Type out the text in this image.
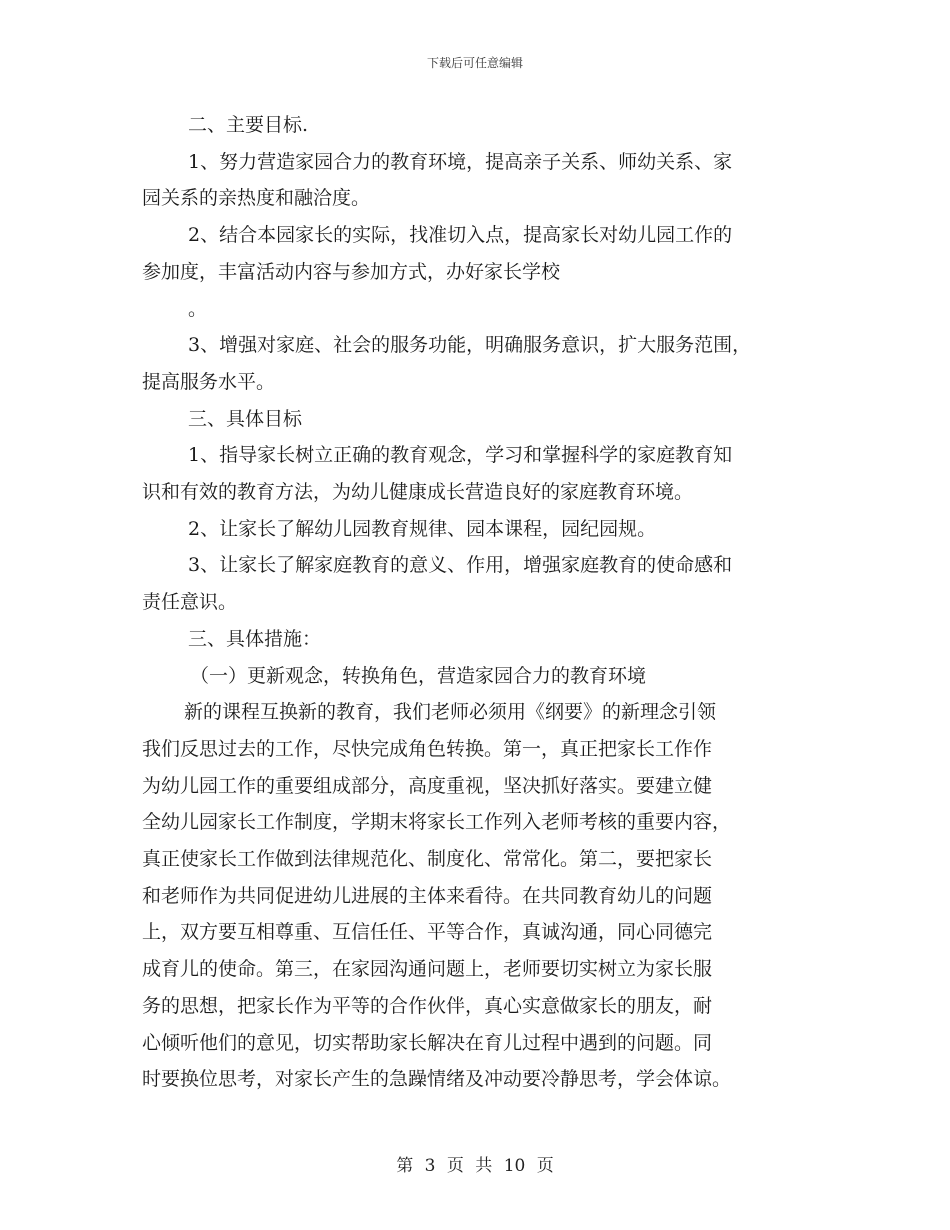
下载后可任意编辑

二、主要目标.

1、努力营造家园合力的教育环境，提高亲子关系、师幼关系、家

园关系的亲热度和融洽度。

2、结合本园家长的实际，找准切入点，提高家长对幼儿园工作的

参加度，丰富活动内容与参加方式，办好家长学校

。

3、增强对家庭、社会的服务功能，明确服务意识，扩大服务范围，

提高服务水平。

三、具体目标

1、指导家长树立正确的教育观念，学习和掌握科学的家庭教育知

识和有效的教育方法，为幼儿健康成长营造良好的家庭教育环境。

2、让家长了解幼儿园教育规律、园本课程，园纪园规。

3、让家长了解家庭教育的意义、作用，增强家庭教育的使命感和

责任意识。

三、具体措施：

（一）更新观念，转换角色，营造家园合力的教育环境

新的课程互换新的教育，我们老师必须用《纲要》的新理念引领

我们反思过去的工作，尽快完成角色转换。第一，真正把家长工作作

为幼儿园工作的重要组成部分，高度重视，坚决抓好落实。要建立健

全幼儿园家长工作制度，学期末将家长工作列入老师考核的重要内容，

真正使家长工作做到法律规范化、制度化、常常化。第二，要把家长

和老师作为共同促进幼儿进展的主体来看待。在共同教育幼儿的问题

上，双方要互相尊重、互信任任、平等合作，真诚沟通，同心同德完

成育儿的使命。第三，在家园沟通问题上，老师要切实树立为家长服

务的思想，把家长作为平等的合作伙伴，真心实意做家长的朋友，耐

心倾听他们的意见，切实帮助家长解决在育儿过程中遇到的问题。同

时要换位思考，对家长产生的急躁情绪及冲动要冷静思考，学会体谅。

第 3 页 共 10 页
